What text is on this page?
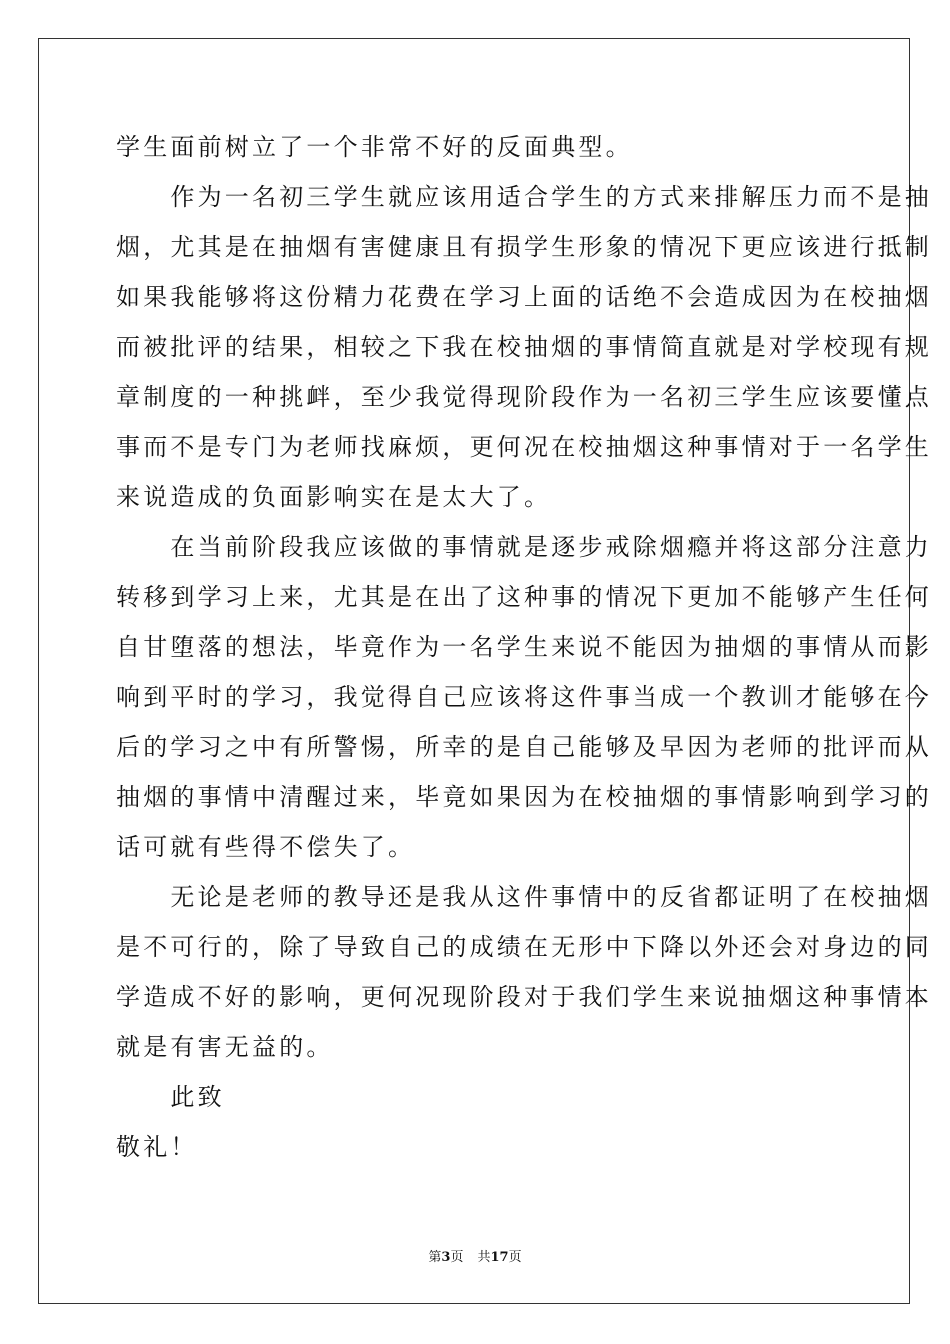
学生面前树立了一个非常不好的反面典型。
　　作为一名初三学生就应该用适合学生的方式来排解压力而不是抽
烟，尤其是在抽烟有害健康且有损学生形象的情况下更应该进行抵制
如果我能够将这份精力花费在学习上面的话绝不会造成因为在校抽烟
而被批评的结果，相较之下我在校抽烟的事情简直就是对学校现有规
章制度的一种挑衅，至少我觉得现阶段作为一名初三学生应该要懂点
事而不是专门为老师找麻烦，更何况在校抽烟这种事情对于一名学生
来说造成的负面影响实在是太大了。
　　在当前阶段我应该做的事情就是逐步戒除烟瘾并将这部分注意力
转移到学习上来，尤其是在出了这种事的情况下更加不能够产生任何
自甘堕落的想法，毕竟作为一名学生来说不能因为抽烟的事情从而影
响到平时的学习，我觉得自己应该将这件事当成一个教训才能够在今
后的学习之中有所警惕，所幸的是自己能够及早因为老师的批评而从
抽烟的事情中清醒过来，毕竟如果因为在校抽烟的事情影响到学习的
话可就有些得不偿失了。
　　无论是老师的教导还是我从这件事情中的反省都证明了在校抽烟
是不可行的，除了导致自己的成绩在无形中下降以外还会对身边的同
学造成不好的影响，更何况现阶段对于我们学生来说抽烟这种事情本
就是有害无益的。
　　此致
敬礼！
第3页 共17页
